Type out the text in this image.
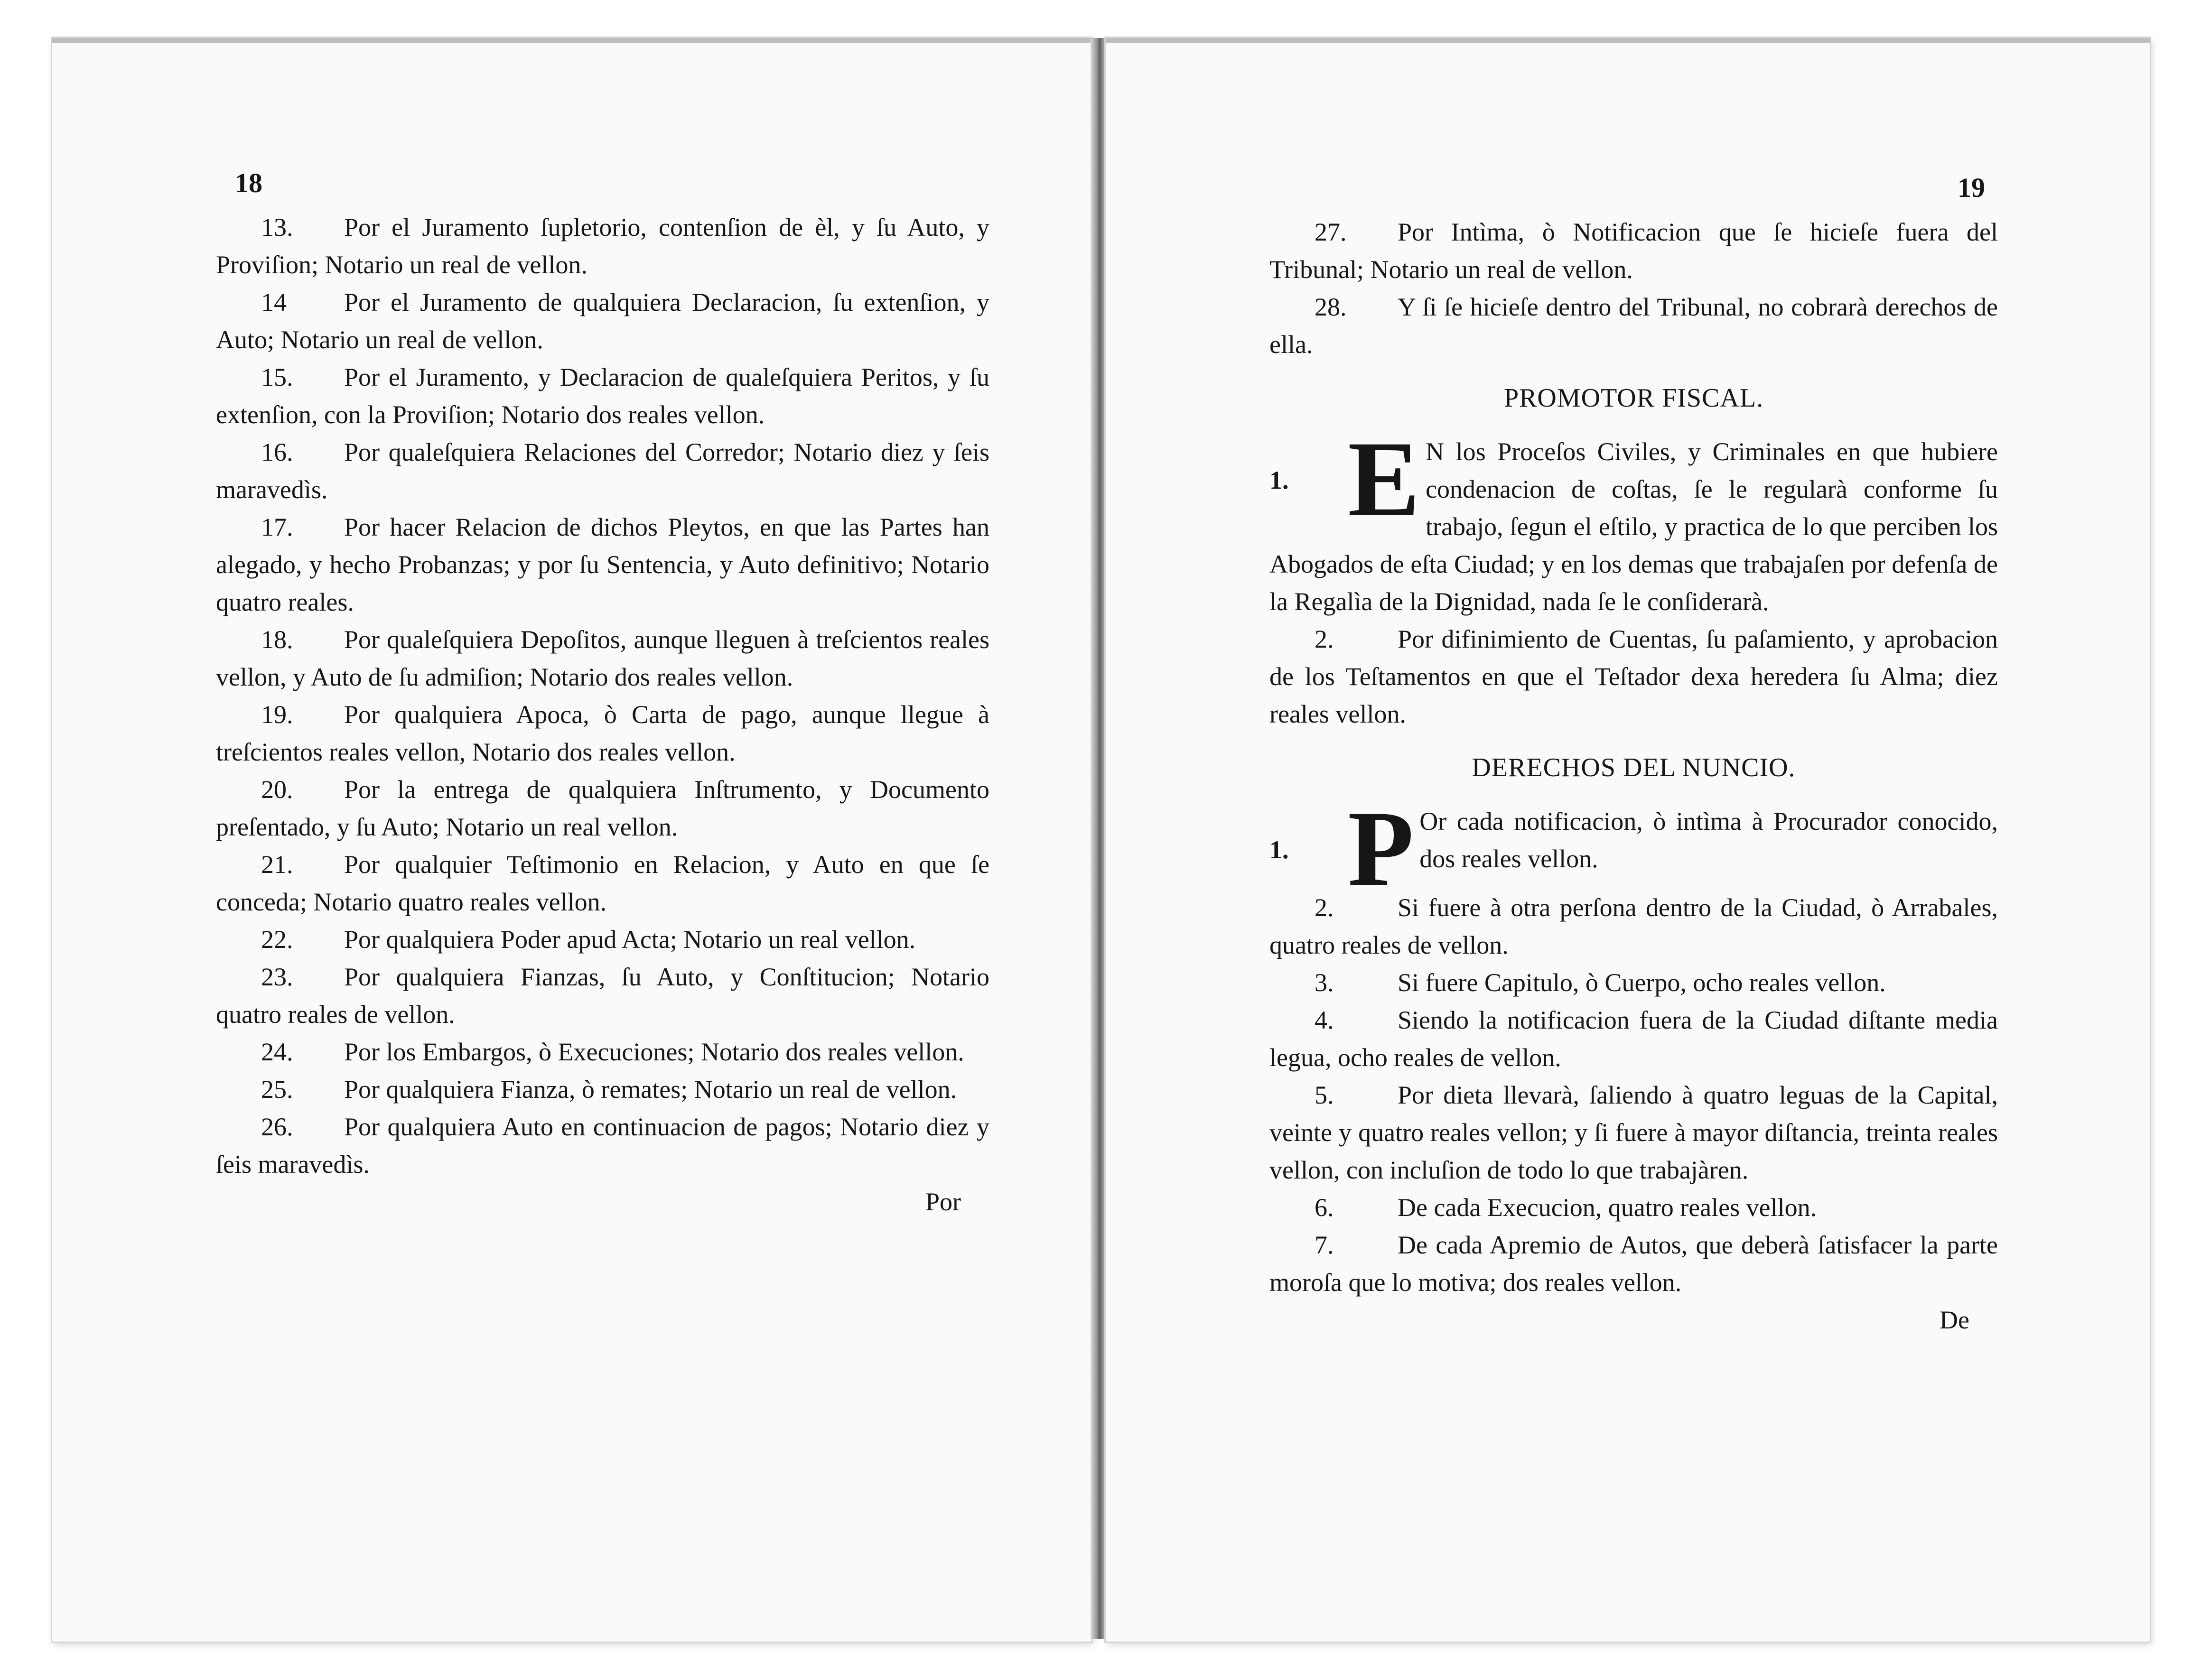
18

13. Por el Juramento ſupletorio, contenſion de èl, y ſu Auto, y Proviſion; Notario un real de vellon.

14 Por el Juramento de qualquiera Declaracion, ſu extenſion, y Auto; Notario un real de vellon.

15. Por el Juramento, y Declaracion de qualeſquiera Peritos, y ſu extenſion, con la Proviſion; Notario dos reales vellon.

16. Por qualeſquiera Relaciones del Corredor; Notario diez y ſeis maravedìs.

17. Por hacer Relacion de dichos Pleytos, en que las Partes han alegado, y hecho Probanzas; y por ſu Sentencia, y Auto definitivo; Notario quatro reales.

18. Por qualeſquiera Depoſitos, aunque lleguen à treſcientos reales vellon, y Auto de ſu admiſion; Notario dos reales vellon.

19. Por qualquiera Apoca, ò Carta de pago, aunque llegue à treſcientos reales vellon, Notario dos reales vellon.

20. Por la entrega de qualquiera Inſtrumento, y Documento preſentado, y ſu Auto; Notario un real vellon.

21. Por qualquier Teſtimonio en Relacion, y Auto en que ſe conceda; Notario quatro reales vellon.

22. Por qualquiera Poder apud Acta; Notario un real vellon.

23. Por qualquiera Fianzas, ſu Auto, y Conſtitucion; Notario quatro reales de vellon.

24. Por los Embargos, ò Execuciones; Notario dos reales vellon.

25. Por qualquiera Fianza, ò remates; Notario un real de vellon.

26. Por qualquiera Auto en continuacion de pagos; Notario diez y ſeis maravedìs.

Por

19

27. Por Intìma, ò Notificacion que ſe hicieſe fuera del Tribunal; Notario un real de vellon.

28. Y ſi ſe hicieſe dentro del Tribunal, no cobrarà derechos de ella.

PROMOTOR FISCAL.

1. E N los Proceſos Civiles, y Criminales en que hubiere condenacion de coſtas, ſe le regularà conforme ſu trabajo, ſegun el eſtilo, y practica de lo que perciben los Abogados de eſta Ciudad; y en los demas que trabajaſen por defenſa de la Regalìa de la Dignidad, nada ſe le conſiderarà.

2. Por difinimiento de Cuentas, ſu paſamiento, y aprobacion de los Teſtamentos en que el Teſtador dexa heredera ſu Alma; diez reales vellon.

DERECHOS DEL NUNCIO.

1. P Or cada notificacion, ò intìma à Procurador conocido, dos reales vellon.

2. Si fuere à otra perſona dentro de la Ciudad, ò Arrabales, quatro reales de vellon.

3. Si fuere Capitulo, ò Cuerpo, ocho reales vellon.

4. Siendo la notificacion fuera de la Ciudad diſtante media legua, ocho reales de vellon.

5. Por dieta llevarà, ſaliendo à quatro leguas de la Capital, veinte y quatro reales vellon; y ſi fuere à mayor diſtancia, treinta reales vellon, con incluſion de todo lo que trabajàren.

6. De cada Execucion, quatro reales vellon.

7. De cada Apremio de Autos, que deberà ſatisfacer la parte moroſa que lo motiva; dos reales vellon.

De
